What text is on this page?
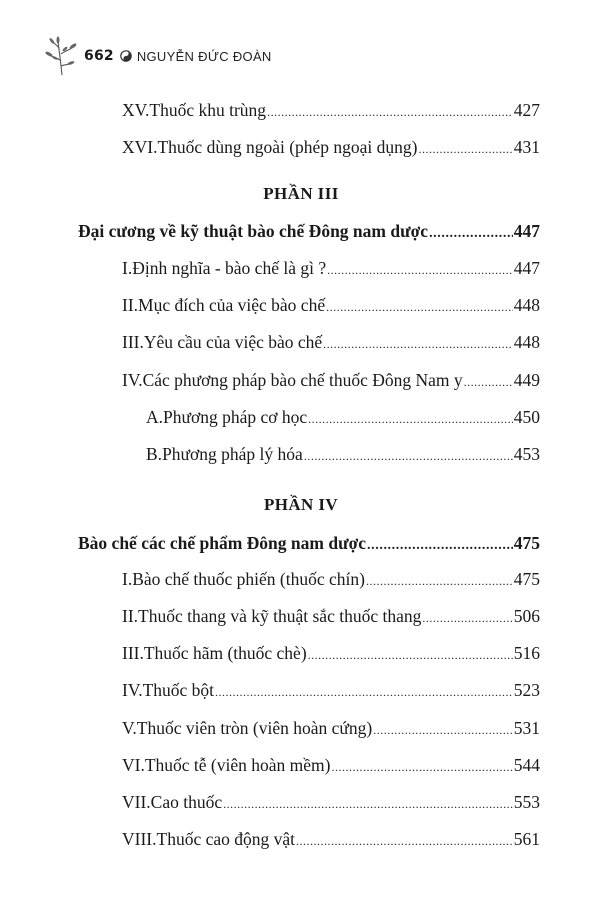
662 NGUYỄN ĐỨC ĐOÀN
XV. Thuốc khu trùng .....	427
XVI. Thuốc dùng ngoài (phép ngoại dụng) .....	431
PHẦN III
Đại cương về kỹ thuật bào chế Đông nam dược .....	447
I. Định nghĩa - bào chế là gì ? .....	447
II. Mục đích của việc bào chế .....	448
III. Yêu cầu của việc bào chế .....	448
IV. Các phương pháp bào chế thuốc Đông Nam y .....	449
A. Phương pháp cơ học .....	450
B. Phương pháp lý hóa .....	453
PHẦN IV
Bào chế các chế phẩm Đông nam dược .....	475
I. Bào chế thuốc phiến (thuốc chín) .....	475
II. Thuốc thang và kỹ thuật sắc thuốc thang .....	506
III. Thuốc hãm (thuốc chè) .....	516
IV. Thuốc bột .....	523
V. Thuốc viên tròn (viên hoàn cứng) .....	531
VI. Thuốc tễ (viên hoàn mềm) .....	544
VII. Cao thuốc .....	553
VIII. Thuốc cao động vật .....	561
